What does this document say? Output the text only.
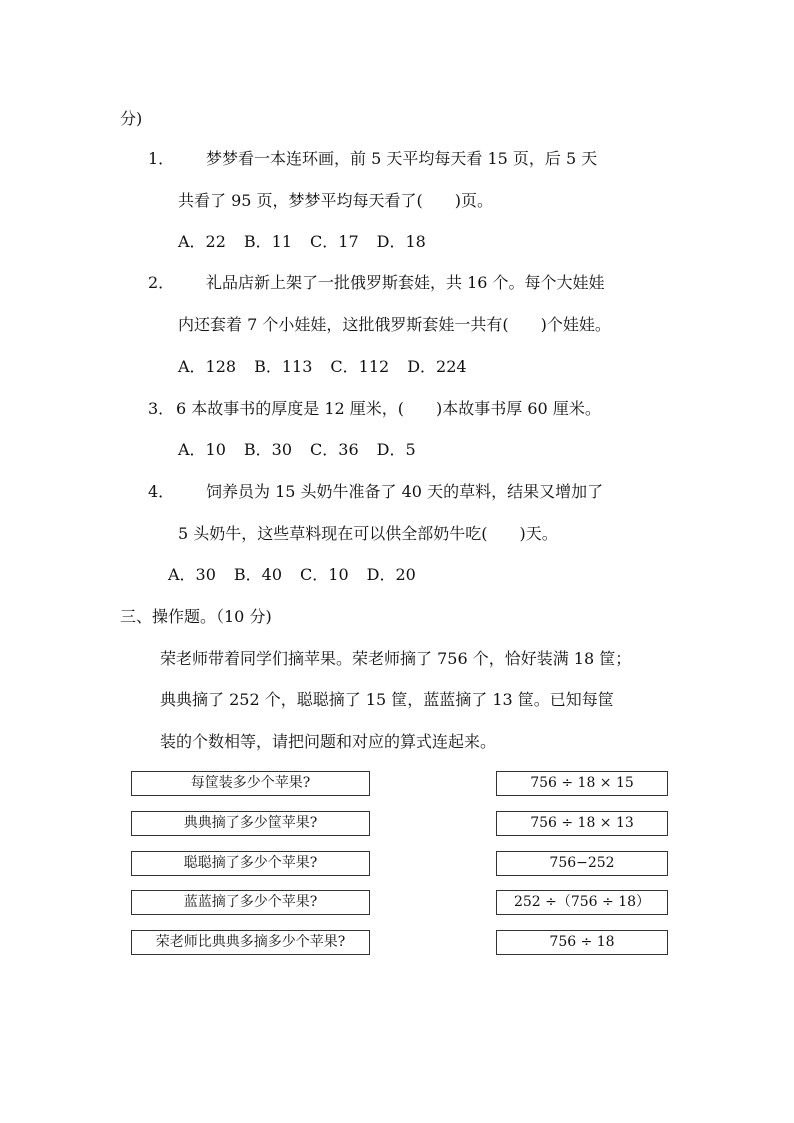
分)
1． 梦梦看一本连环画，前 5 天平均每天看 15 页，后 5 天
共看了 95 页，梦梦平均每天看了(　　)页。
A．22 B．11 C．17 D．18
2． 礼品店新上架了一批俄罗斯套娃，共 16 个。每个大娃娃
内还套着 7 个小娃娃，这批俄罗斯套娃一共有(　　)个娃娃。
A．128 B．113 C．112 D．224
3． 6 本故事书的厚度是 12 厘米，(　　)本故事书厚 60 厘米。
A．10 B．30 C．36 D．5
4． 饲养员为 15 头奶牛准备了 40 天的草料，结果又增加了
5 头奶牛，这些草料现在可以供全部奶牛吃(　　)天。
A．30 B．40 C．10 D．20
三、操作题。（10 分)
荣老师带着同学们摘苹果。荣老师摘了 756 个，恰好装满 18 筐；
典典摘了 252 个，聪聪摘了 15 筐，蓝蓝摘了 13 筐。已知每筐
装的个数相等，请把问题和对应的算式连起来。
每筐装多少个苹果?
典典摘了多少筐苹果?
聪聪摘了多少个苹果?
蓝蓝摘了多少个苹果?
荣老师比典典多摘多少个苹果?
756 ÷ 18 × 15
756 ÷ 18 × 13
756−252
252 ÷（756 ÷ 18）
756 ÷ 18
